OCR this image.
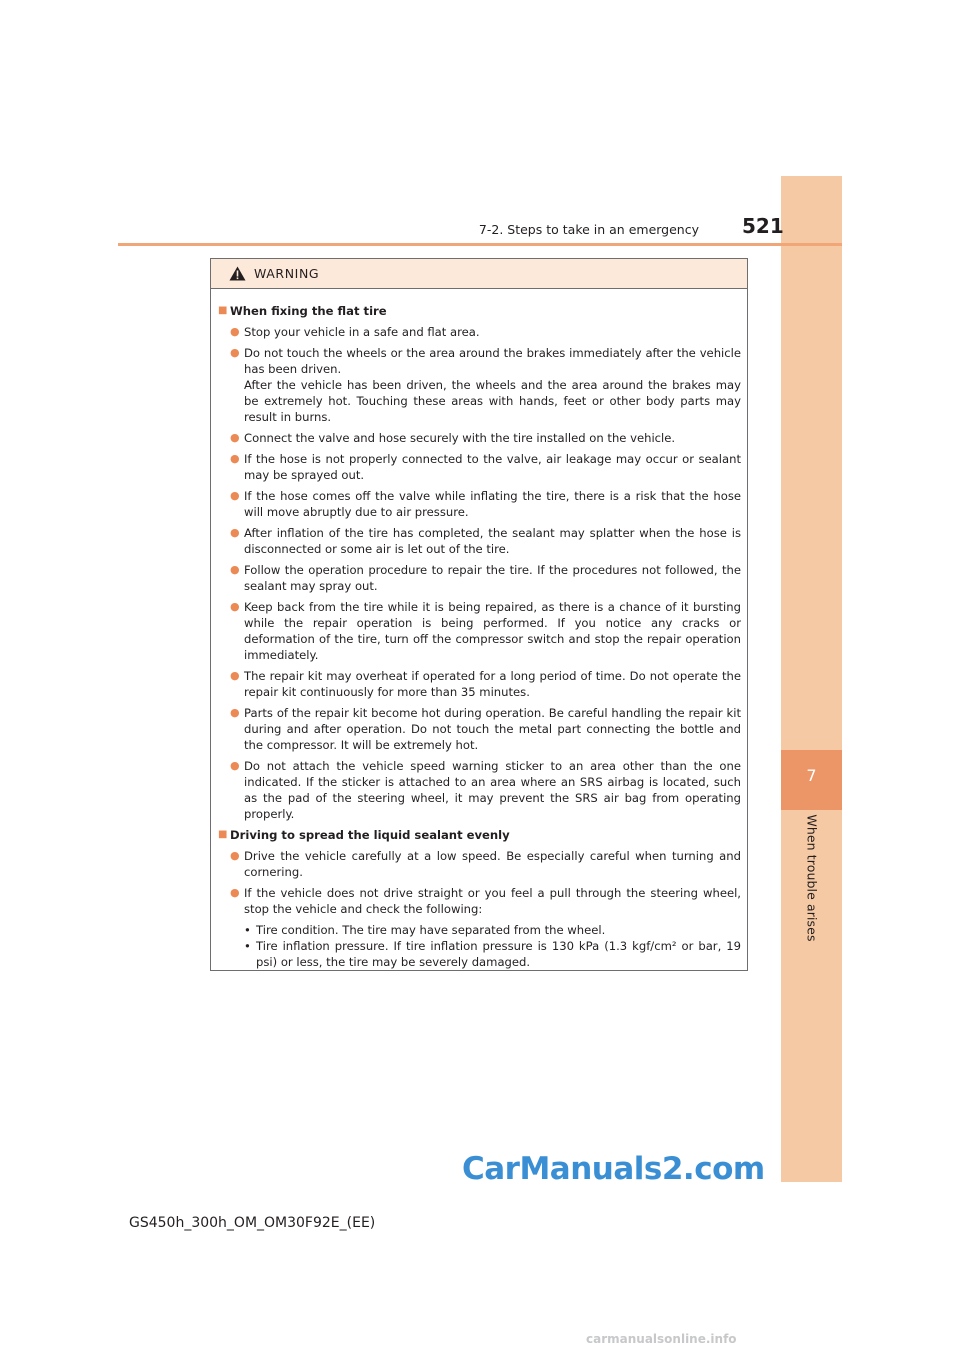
7
When trouble arises
7-2. Steps to take in an emergency 521
WARNING
■ When fixing the flat tire
● Stop your vehicle in a safe and flat area.
● Do not touch the wheels or the area around the brakes immediately after the vehicle has been driven.
After the vehicle has been driven, the wheels and the area around the brakes may be extremely hot. Touching these areas with hands, feet or other body parts may result in burns.
● Connect the valve and hose securely with the tire installed on the vehicle.
● If the hose is not properly connected to the valve, air leakage may occur or sealant may be sprayed out.
● If the hose comes off the valve while inflating the tire, there is a risk that the hose will move abruptly due to air pressure.
● After inflation of the tire has completed, the sealant may splatter when the hose is disconnected or some air is let out of the tire.
● Follow the operation procedure to repair the tire. If the procedures not followed, the sealant may spray out.
● Keep back from the tire while it is being repaired, as there is a chance of it bursting while the repair operation is being performed. If you notice any cracks or deformation of the tire, turn off the compressor switch and stop the repair operation immediately.
● The repair kit may overheat if operated for a long period of time. Do not operate the repair kit continuously for more than 35 minutes.
● Parts of the repair kit become hot during operation. Be careful handling the repair kit during and after operation. Do not touch the metal part connecting the bottle and the compressor. It will be extremely hot.
● Do not attach the vehicle speed warning sticker to an area other than the one indicated. If the sticker is attached to an area where an SRS airbag is located, such as the pad of the steering wheel, it may prevent the SRS air bag from operating properly.
■ Driving to spread the liquid sealant evenly
● Drive the vehicle carefully at a low speed. Be especially careful when turning and cornering.
● If the vehicle does not drive straight or you feel a pull through the steering wheel, stop the vehicle and check the following:
• Tire condition. The tire may have separated from the wheel.
• Tire inflation pressure. If tire inflation pressure is 130 kPa (1.3 kgf/cm² or bar, 19 psi) or less, the tire may be severely damaged.
GS450h_300h_OM_OM30F92E_(EE)
CarManuals2.com
carmanualsonline.info
